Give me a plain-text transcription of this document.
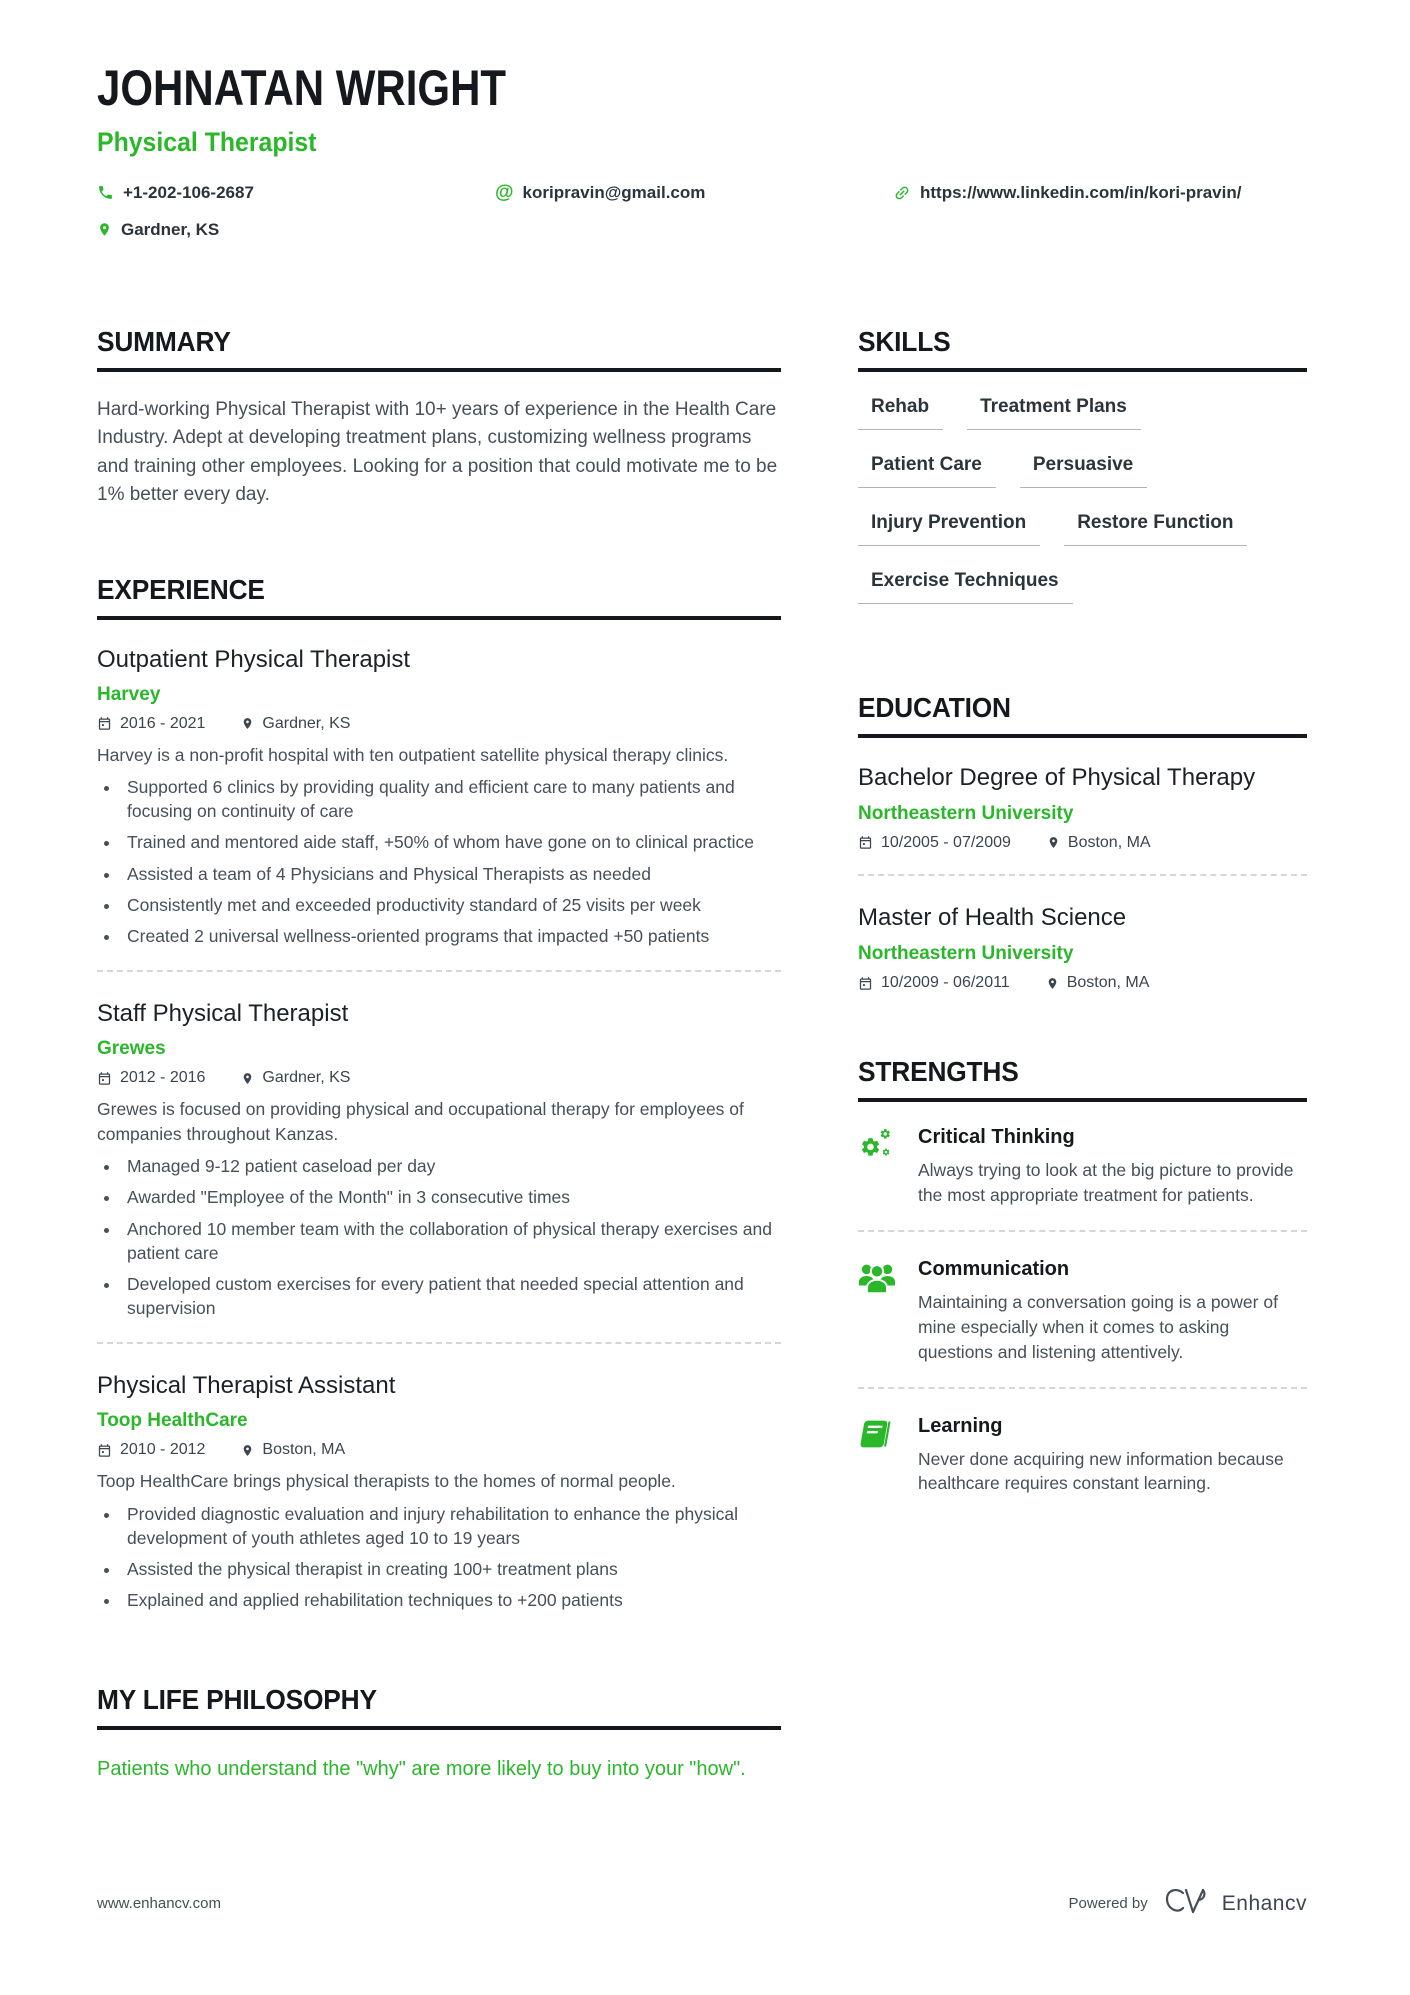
JOHNATAN WRIGHT
Physical Therapist
+1-202-106-2687	@ koripravin@gmail.com	https://www.linkedin.com/in/kori-pravin/
Gardner, KS
SUMMARY

Hard-working Physical Therapist with 10+ years of experience in the Health Care Industry. Adept at developing treatment plans, customizing wellness programs and training other employees. Looking for a position that could motivate me to be 1% better every day.

EXPERIENCE
Outpatient Physical Therapist
Harvey
2016 - 2021	Gardner, KS
Harvey is a non-profit hospital with ten outpatient satellite physical therapy clinics.
• Supported 6 clinics by providing quality and efficient care to many patients and focusing on continuity of care
• Trained and mentored aide staff, +50% of whom have gone on to clinical practice
• Assisted a team of 4 Physicians and Physical Therapists as needed
• Consistently met and exceeded productivity standard of 25 visits per week
• Created 2 universal wellness-oriented programs that impacted +50 patients
Staff Physical Therapist
Grewes
2012 - 2016	Gardner, KS
Grewes is focused on providing physical and occupational therapy for employees of companies throughout Kanzas.
• Managed 9-12 patient caseload per day
• Awarded "Employee of the Month" in 3 consecutive times
• Anchored 10 member team with the collaboration of physical therapy exercises and patient care
• Developed custom exercises for every patient that needed special attention and supervision
Physical Therapist Assistant
Toop HealthCare
2010 - 2012	Boston, MA
Toop HealthCare brings physical therapists to the homes of normal people.
• Provided diagnostic evaluation and injury rehabilitation to enhance the physical development of youth athletes aged 10 to 19 years
• Assisted the physical therapist in creating 100+ treatment plans
• Explained and applied rehabilitation techniques to +200 patients
MY LIFE PHILOSOPHY

Patients who understand the "why" are more likely to buy into your "how".

SKILLS
Rehab	Treatment Plans
Patient Care	Persuasive
Injury Prevention	Restore Function
Exercise Techniques
EDUCATION
Bachelor Degree of Physical Therapy
Northeastern University
10/2005 - 07/2009	Boston, MA
Master of Health Science
Northeastern University
10/2009 - 06/2011	Boston, MA
STRENGTHS
Critical Thinking
Always trying to look at the big picture to provide the most appropriate treatment for patients.
Communication
Maintaining a conversation going is a power of mine especially when it comes to asking questions and listening attentively.
Learning
Never done acquiring new information because healthcare requires constant learning.
www.enhancv.com	Powered by	Enhancv
